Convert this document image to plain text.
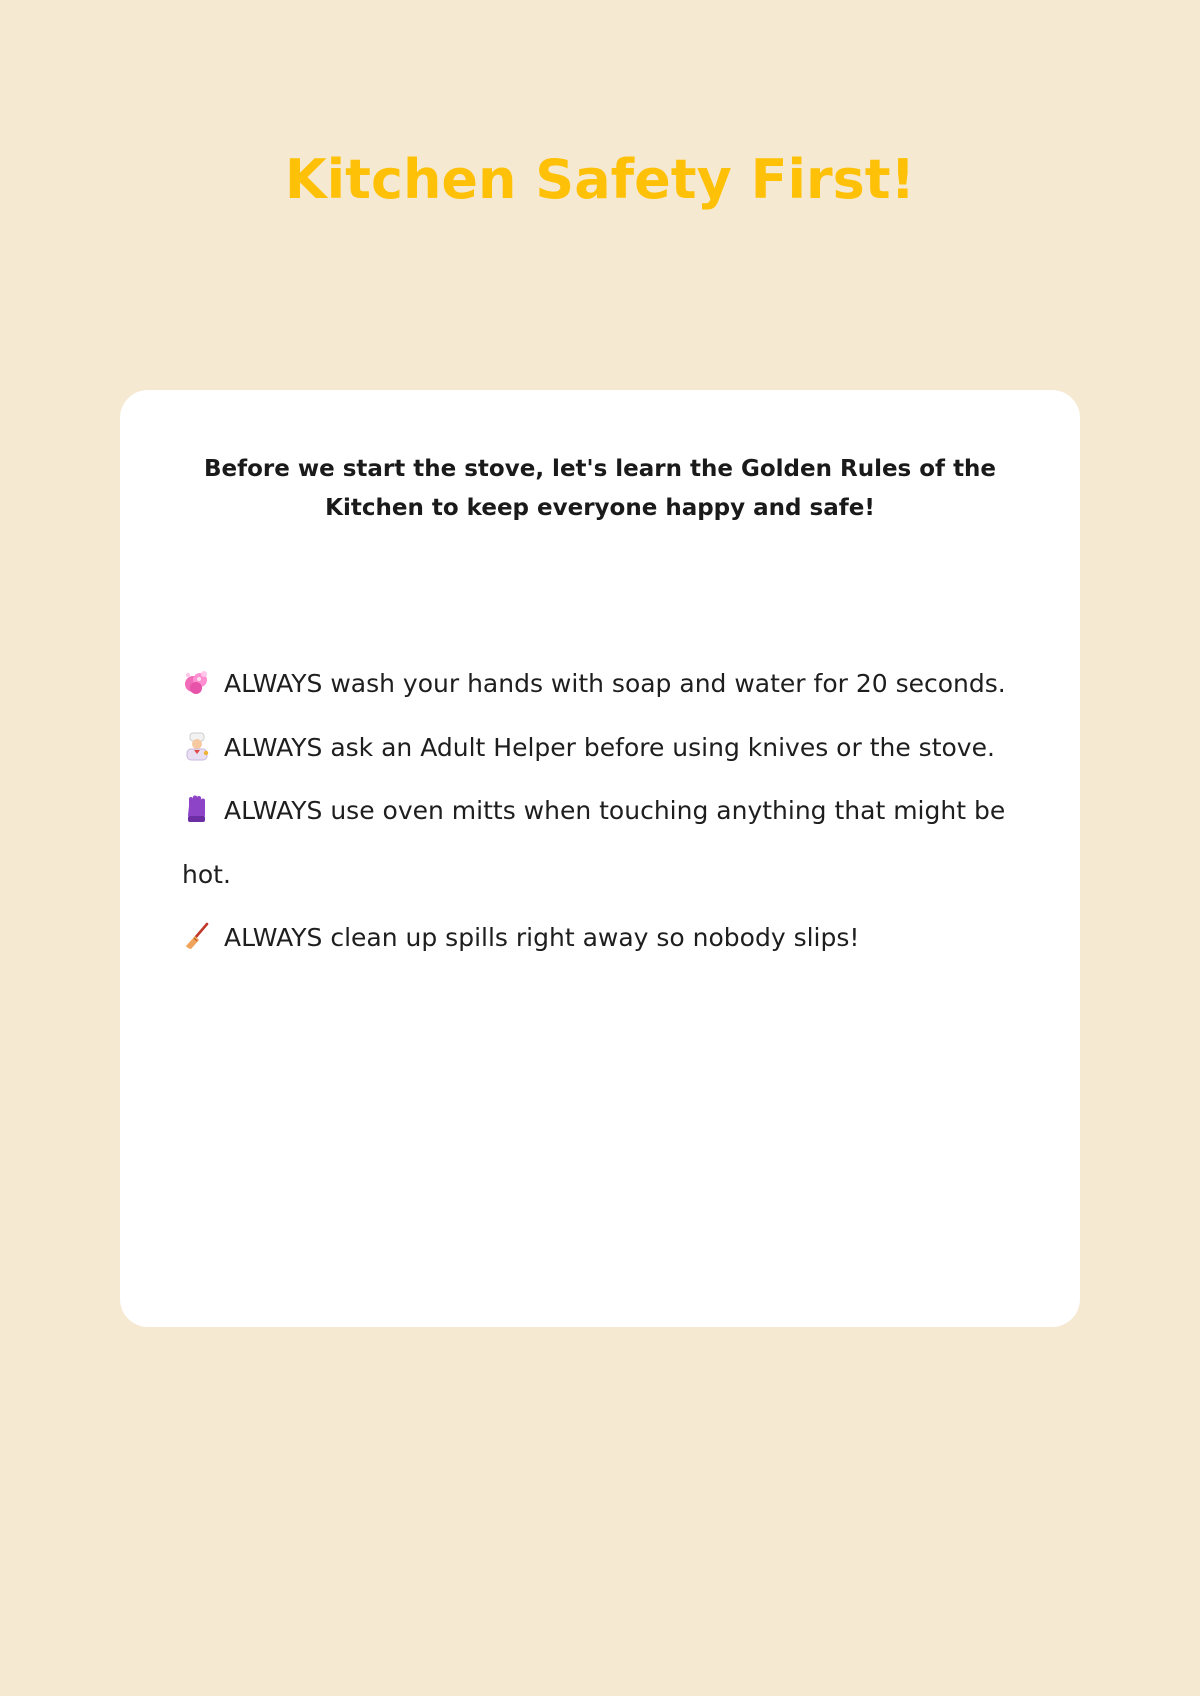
Kitchen Safety First!

Before we start the stove, let's learn the Golden Rules of the Kitchen to keep everyone happy and safe!

ALWAYS wash your hands with soap and water for 20 seconds.
ALWAYS ask an Adult Helper before using knives or the stove.
ALWAYS use oven mitts when touching anything that might be hot.
ALWAYS clean up spills right away so nobody slips!
